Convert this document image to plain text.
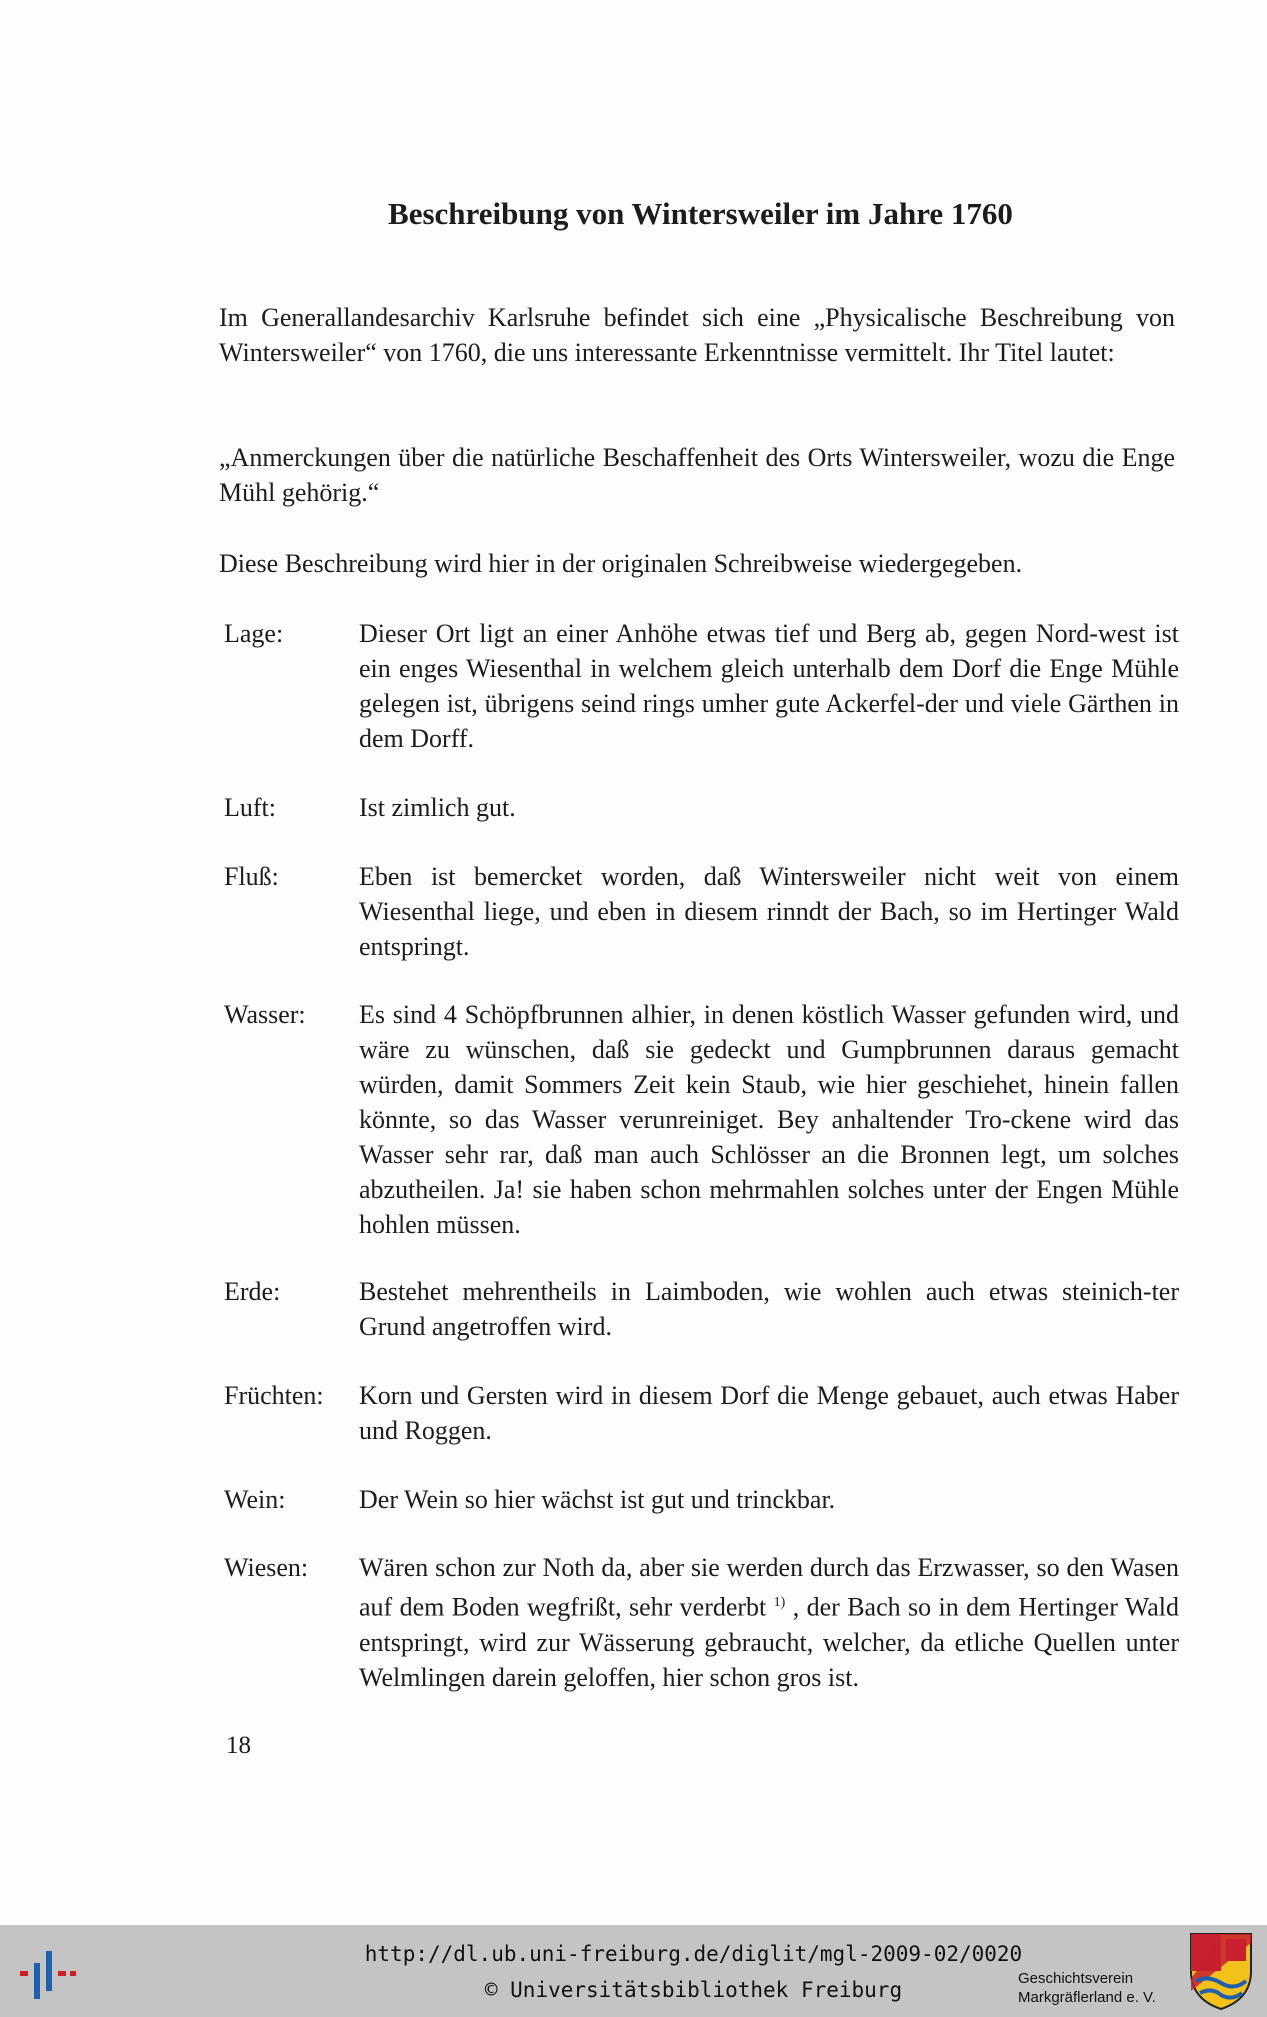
Beschreibung von Wintersweiler im Jahre 1760
Im Generallandesarchiv Karlsruhe befindet sich eine „Physicalische Beschreibung von Wintersweiler“ von 1760, die uns interessante Erkenntnisse vermittelt. Ihr Titel lautet:
„Anmerckungen über die natürliche Beschaffenheit des Orts Wintersweiler, wozu die Enge Mühl gehörig.“
Diese Beschreibung wird hier in der originalen Schreibweise wiedergegeben.
Lage:	Dieser Ort ligt an einer Anhöhe etwas tief und Berg ab, gegen Nord-west ist ein enges Wiesenthal in welchem gleich unterhalb dem Dorf die Enge Mühle gelegen ist, übrigens seind rings umher gute Ackerfel-der und viele Gärthen in dem Dorff.
Luft:	Ist zimlich gut.
Fluß:	Eben ist bemercket worden, daß Wintersweiler nicht weit von einem Wiesenthal liege, und eben in diesem rinndt der Bach, so im Hertinger Wald entspringt.
Wasser:	Es sind 4 Schöpfbrunnen alhier, in denen köstlich Wasser gefunden wird, und wäre zu wünschen, daß sie gedeckt und Gumpbrunnen daraus gemacht würden, damit Sommers Zeit kein Staub, wie hier geschiehet, hinein fallen könnte, so das Wasser verunreiniget. Bey anhaltender Tro-ckene wird das Wasser sehr rar, daß man auch Schlösser an die Bronnen legt, um solches abzutheilen. Ja! sie haben schon mehrmahlen solches unter der Engen Mühle hohlen müssen.
Erde:	Bestehet mehrentheils in Laimboden, wie wohlen auch etwas steinich-ter Grund angetroffen wird.
Früchten:	Korn und Gersten wird in diesem Dorf die Menge gebauet, auch etwas Haber und Roggen.
Wein:	Der Wein so hier wächst ist gut und trinckbar.
Wiesen:	Wären schon zur Noth da, aber sie werden durch das Erzwasser, so den Wasen auf dem Boden wegfrißt, sehr verderbt $^{1)}$ , der Bach so in dem Hertinger Wald entspringt, wird zur Wässerung gebraucht, welcher, da etliche Quellen unter Welmlingen darein geloffen, hier schon gros ist.
18
http://dl.ub.uni-freiburg.de/diglit/mgl-2009-02/0020
© Universitätsbibliothek Freiburg	Geschichtsverein
Markgräflerland e. V.
